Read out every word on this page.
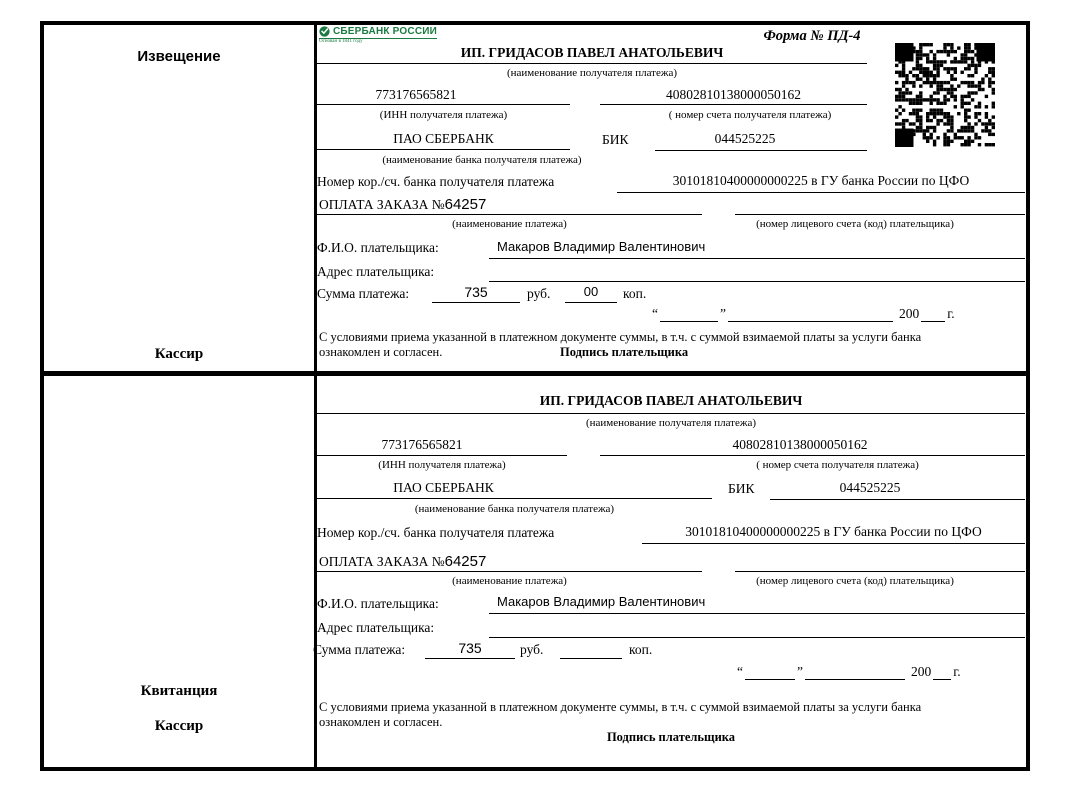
Извещение
Кассир
СБЕРБАНК РОССИИ
Основан в 1841 году	Форма № ПД-4
ИП. ГРИДАСОВ ПАВЕЛ АНАТОЛЬЕВИЧ
(наименование получателя платежа)
773176565821	40802810138000050162
(ИНН получателя платежа)	( номер счета получателя платежа)
ПАО СБЕРБАНК	БИК	044525225
(наименование банка получателя платежа)
Номер кор./сч. банка получателя платежа	30101810400000000225 в ГУ банка России по ЦФО
ОПЛАТА ЗАКАЗА №64257
(наименование платежа)	(номер лицевого счета (код) плательщика)
Ф.И.О. плательщика:	Макаров Владимир Валентинович
Адрес плательщика:
Сумма платежа:	735	руб.	00	коп.
“	”	200 г.
С условиями приема указанной в платежном документе суммы, в т.ч. с суммой взимаемой платы за услуги банка
ознакомлен и согласен.	Подпись плательщика
Квитанция
Кассир
ИП. ГРИДАСОВ ПАВЕЛ АНАТОЛЬЕВИЧ
(наименование получателя платежа)
773176565821	40802810138000050162
(ИНН получателя платежа)	( номер счета получателя платежа)
ПАО СБЕРБАНК	БИК	044525225
(наименование банка получателя платежа)
Номер кор./сч. банка получателя платежа	30101810400000000225 в ГУ банка России по ЦФО
ОПЛАТА ЗАКАЗА №64257
(наименование платежа)	(номер лицевого счета (код) плательщика)
Ф.И.О. плательщика:	Макаров Владимир Валентинович
Адрес плательщика:
Сумма платежа:	735	руб.	коп.
“	”	200 г.
С условиями приема указанной в платежном документе суммы, в т.ч. с суммой взимаемой платы за услуги банка
ознакомлен и согласен.
Подпись плательщика
